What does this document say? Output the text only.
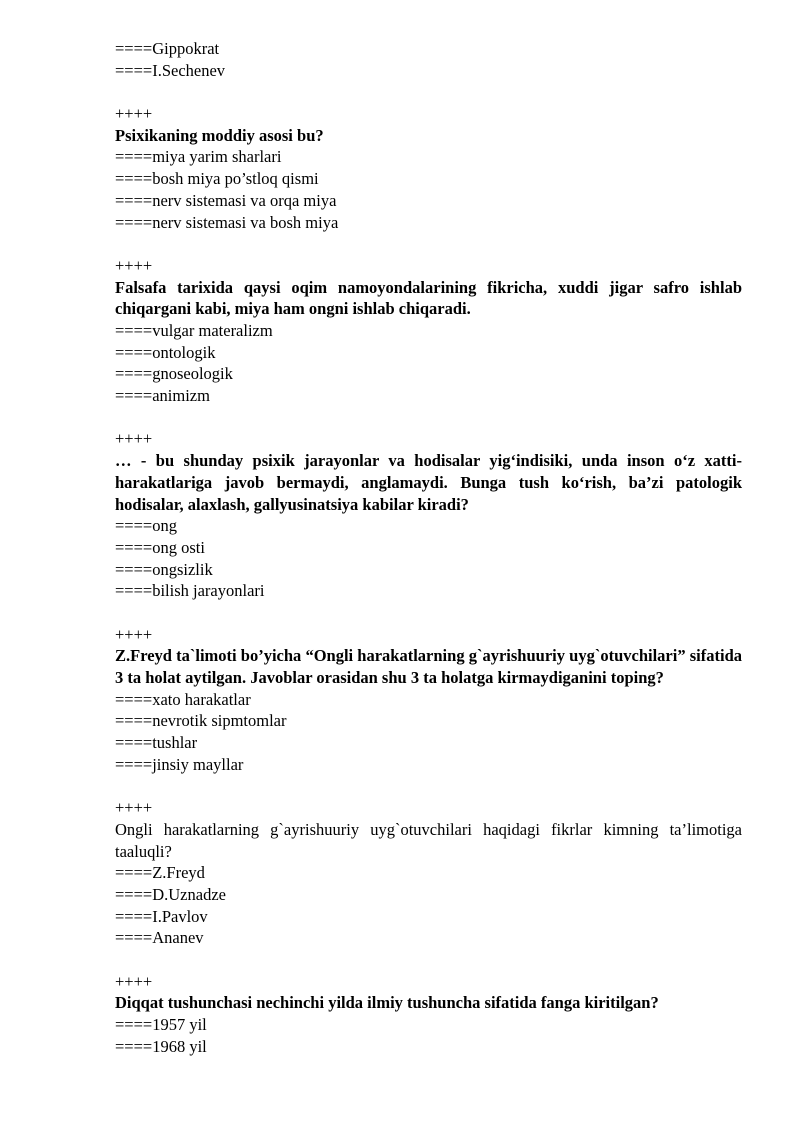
====Gippokrat
====I.Sechenev
++++
Psixikaning moddiy asosi bu?
====miya yarim sharlari
====bosh miya po’stloq qismi
====nerv sistemasi va orqa miya
====nerv sistemasi va bosh miya
++++
Falsafa tarixida qaysi oqim namoyondalarining fikricha, xuddi jigar safro ishlab chiqargani kabi, miya ham ongni ishlab chiqaradi.
====vulgar materalizm
====ontologik
====gnoseologik
====animizm
++++
… - bu shunday psixik jarayonlar va hodisalar yig‘indisiki, unda inson o‘z xatti-harakatlariga javob bermaydi, anglamaydi. Bunga tush ko‘rish, ba’zi patologik hodisalar, alaxlash, gallyusinatsiya kabilar kiradi?
====ong
====ong osti
====ongsizlik
====bilish jarayonlari
++++
Z.Freyd ta`limoti bo’yicha “Ongli harakatlarning g`ayrishuuriy uyg`otuvchilari” sifatida 3 ta holat aytilgan. Javoblar orasidan shu 3 ta holatga kirmaydiganini toping?
====xato harakatlar
====nevrotik sipmtomlar
====tushlar
====jinsiy mayllar
++++
Ongli harakatlarning g`ayrishuuriy uyg`otuvchilari haqidagi fikrlar kimning ta’limotiga taaluqli?
====Z.Freyd
====D.Uznadze
====I.Pavlov
====Ananev
++++
Diqqat tushunchasi nechinchi yilda ilmiy tushuncha sifatida fanga kiritilgan?
====1957 yil
====1968 yil
